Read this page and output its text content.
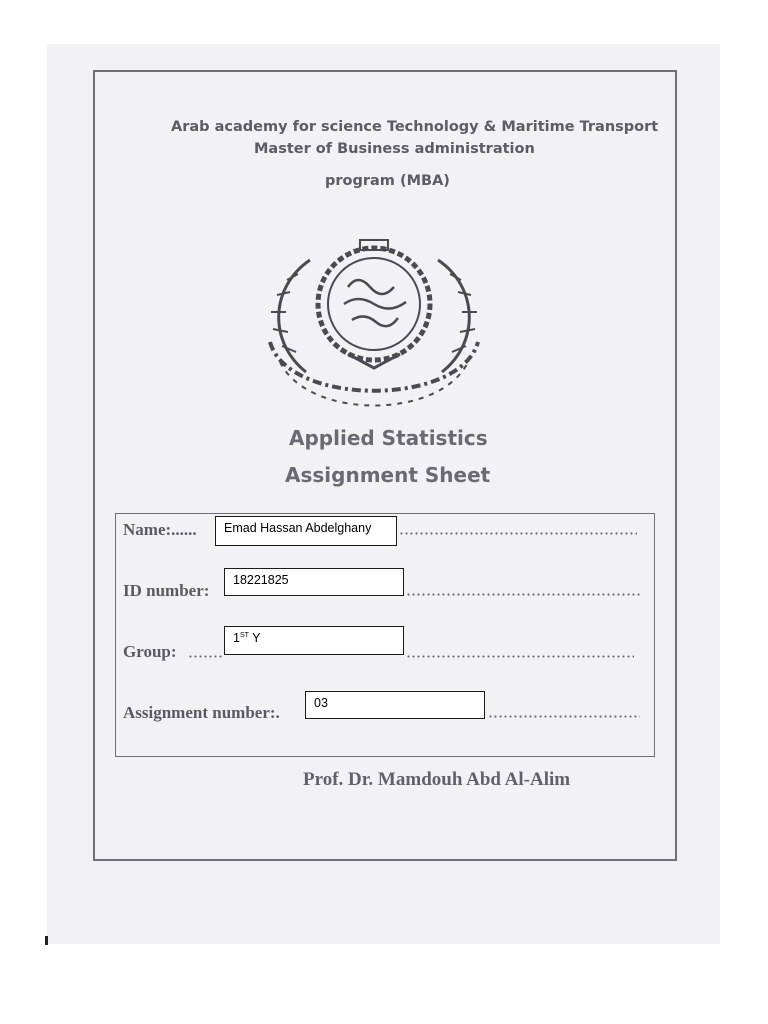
Arab academy for science Technology & Maritime Transport
Master of Business administration
program (MBA)
Applied Statistics
Assignment Sheet
Name:......	Emad Hassan Abdelghany
ID number:
18221825
Group:
1ST Y
Assignment number:.	03
Prof. Dr. Mamdouh Abd Al-Alim
